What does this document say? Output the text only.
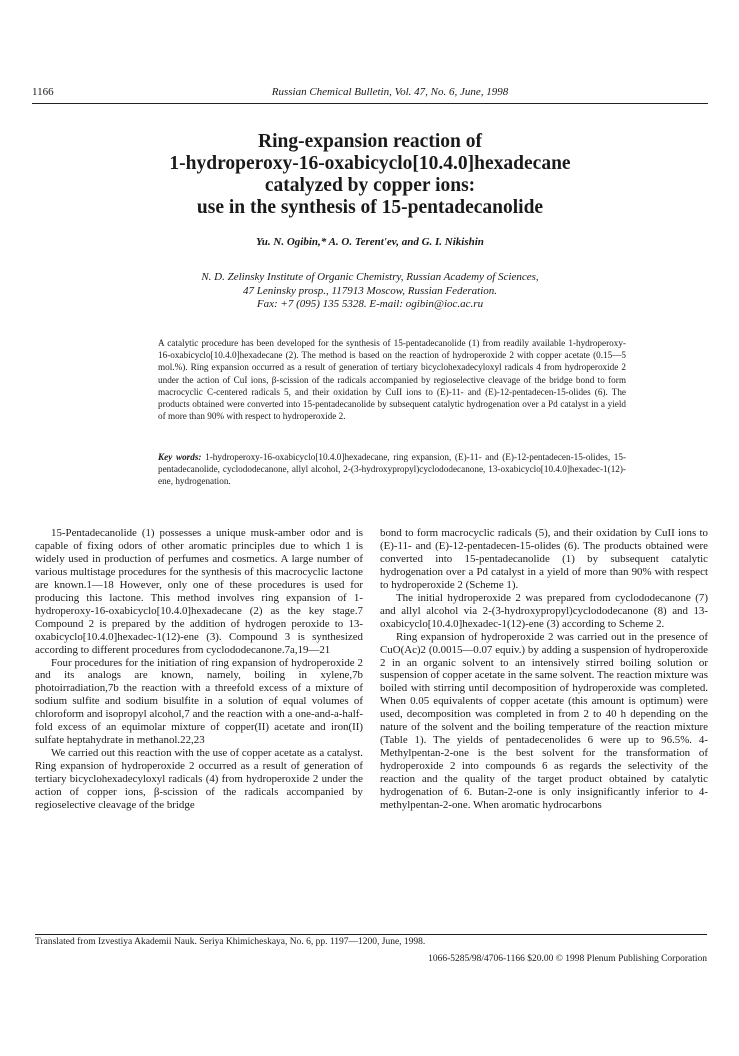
1166	Russian Chemical Bulletin, Vol. 47, No. 6, June, 1998
Ring-expansion reaction of
1-hydroperoxy-16-oxabicyclo[10.4.0]hexadecane
catalyzed by copper ions:
use in the synthesis of 15-pentadecanolide
Yu. N. Ogibin,* A. O. Terent'ev, and G. I. Nikishin
N. D. Zelinsky Institute of Organic Chemistry, Russian Academy of Sciences,
47 Leninsky prosp., 117913 Moscow, Russian Federation.
Fax: +7 (095) 135 5328. E-mail: ogibin@ioc.ac.ru
A catalytic procedure has been developed for the synthesis of 15-pentadecanolide (1) from readily available 1-hydroperoxy-16-oxabicyclo[10.4.0]hexadecane (2). The method is based on the reaction of hydroperoxide 2 with copper acetate (0.15—5 mol.%). Ring expansion occurred as a result of generation of tertiary bicyclohexadecyloxyl radicals 4 from hydroperoxide 2 under the action of CuI ions, β-scission of the radicals accompanied by regioselective cleavage of the bridge bond to form macrocyclic C-centered radicals 5, and their oxidation by CuII ions to (E)-11- and (E)-12-pentadecen-15-olides (6). The products obtained were converted into 15-pentadecanolide by subsequent catalytic hydrogenation over a Pd catalyst in a yield of more than 90% with respect to hydroperoxide 2.
Key words: 1-hydroperoxy-16-oxabicyclo[10.4.0]hexadecane, ring expansion, (E)-11- and (E)-12-pentadecen-15-olides, 15-pentadecanolide, cyclododecanone, allyl alcohol, 2-(3-hydroxypropyl)cyclododecanone, 13-oxabicyclo[10.4.0]hexadec-1(12)-ene, hydrogenation.

15-Pentadecanolide (1) possesses a unique musk-amber odor and is capable of fixing odors of other aromatic principles due to which 1 is widely used in production of perfumes and cosmetics. A large number of various multistage procedures for the synthesis of this macrocyclic lactone are known.1—18 However, only one of these procedures is used for producing this lactone. This method involves ring expansion of 1-hydroperoxy-16-oxabicyclo[10.4.0]hexadecane (2) as the key stage.7 Compound 2 is prepared by the addition of hydrogen peroxide to 13-oxabicyclo[10.4.0]hexadec-1(12)-ene (3). Compound 3 is synthesized according to different procedures from cyclododecanone.7a,19—21

Four procedures for the initiation of ring expansion of hydroperoxide 2 and its analogs are known, namely, boiling in xylene,7b photoirradiation,7b the reaction with a threefold excess of a mixture of sodium sulfite and sodium bisulfite in a solution of equal volumes of chloroform and isopropyl alcohol,7 and the reaction with a one-and-a-half-fold excess of an equimolar mixture of copper(II) acetate and iron(II) sulfate heptahydrate in methanol.22,23

We carried out this reaction with the use of copper acetate as a catalyst. Ring expansion of hydroperoxide 2 occurred as a result of generation of tertiary bicyclohexadecyloxyl radicals (4) from hydroperoxide 2 under the action of copper ions, β-scission of the radicals accompanied by regioselective cleavage of the bridge

bond to form macrocyclic radicals (5), and their oxidation by CuII ions to (E)-11- and (E)-12-pentadecen-15-olides (6). The products obtained were converted into 15-pentadecanolide (1) by subsequent catalytic hydrogenation over a Pd catalyst in a yield of more than 90% with respect to hydroperoxide 2 (Scheme 1).

The initial hydroperoxide 2 was prepared from cyclododecanone (7) and allyl alcohol via 2-(3-hydroxypropyl)cyclododecanone (8) and 13-oxabicyclo[10.4.0]hexadec-1(12)-ene (3) according to Scheme 2.

Ring expansion of hydroperoxide 2 was carried out in the presence of CuO(Ac)2 (0.0015—0.07 equiv.) by adding a suspension of hydroperoxide 2 in an organic solvent to an intensively stirred boiling solution or suspension of copper acetate in the same solvent. The reaction mixture was boiled with stirring until decomposition of hydroperoxide was completed. When 0.05 equivalents of copper acetate (this amount is optimum) were used, decomposition was completed in from 2 to 40 h depending on the nature of the solvent and the boiling temperature of the reaction mixture (Table 1). The yields of pentadecenolides 6 were up to 96.5%. 4-Methylpentan-2-one is the best solvent for the transformation of hydroperoxide 2 into compounds 6 as regards the selectivity of the reaction and the quality of the target product obtained by catalytic hydrogenation of 6. Butan-2-one is only insignificantly inferior to 4-methylpentan-2-one. When aromatic hydrocarbons

Translated from Izvestiya Akademii Nauk. Seriya Khimicheskaya, No. 6, pp. 1197—1200, June, 1998.
1066-5285/98/4706-1166 $20.00 © 1998 Plenum Publishing Corporation
